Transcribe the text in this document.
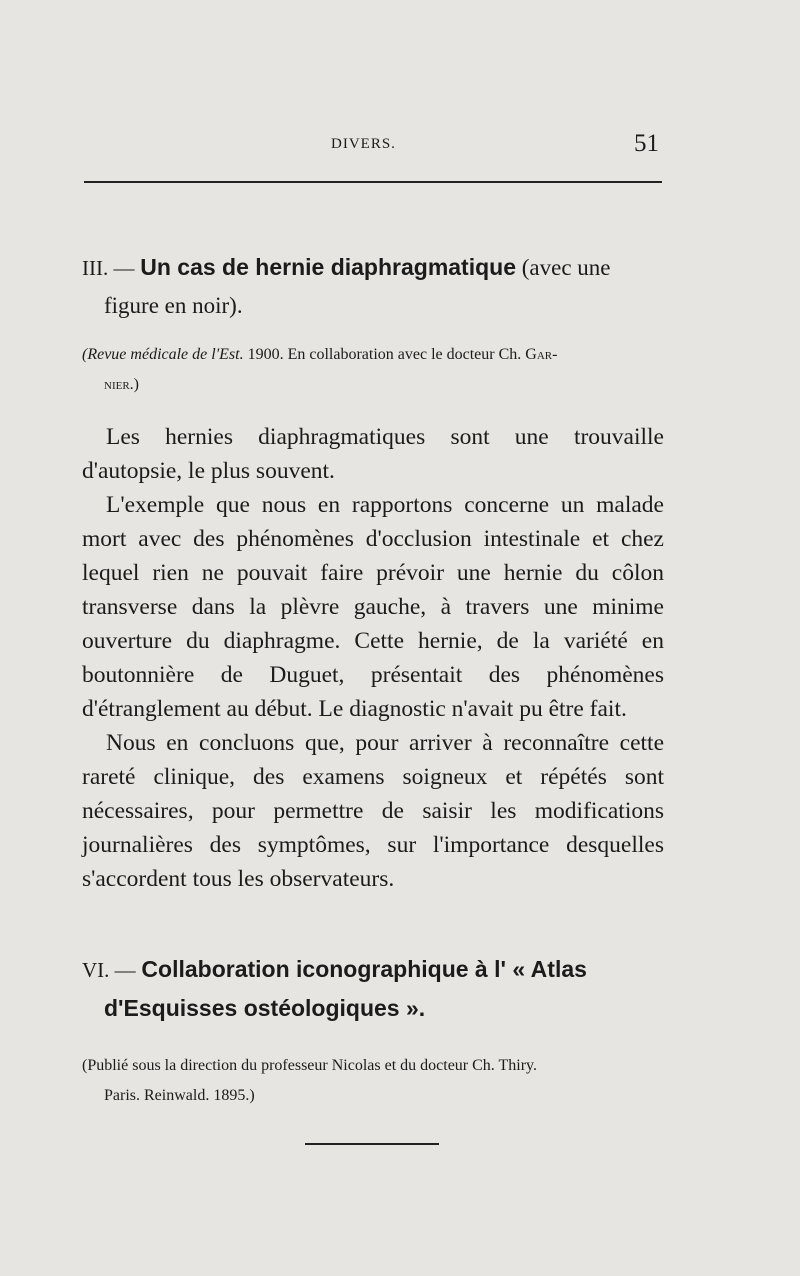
DIVERS.	51
III. — Un cas de hernie diaphragmatique (avec une
figure en noir).
(Revue médicale de l'Est. 1900. En collaboration avec le docteur Ch. Gar-
nier.)

Les hernies diaphragmatiques sont une trouvaille d'autopsie, le plus souvent.

L'exemple que nous en rapportons concerne un malade mort avec des phénomènes d'occlusion intestinale et chez lequel rien ne pouvait faire prévoir une hernie du côlon transverse dans la plèvre gauche, à travers une minime ouverture du diaphragme. Cette hernie, de la variété en boutonnière de Duguet, présentait des phénomènes d'étranglement au début. Le diagnostic n'avait pu être fait.

Nous en concluons que, pour arriver à reconnaître cette rareté clinique, des examens soigneux et répétés sont nécessaires, pour permettre de saisir les modifications journalières des symptômes, sur l'importance desquelles s'accordent tous les observateurs.

VI. — Collaboration iconographique à l' « Atlas
d'Esquisses ostéologiques ».
(Publié sous la direction du professeur Nicolas et du docteur Ch. Thiry.
Paris. Reinwald. 1895.)
